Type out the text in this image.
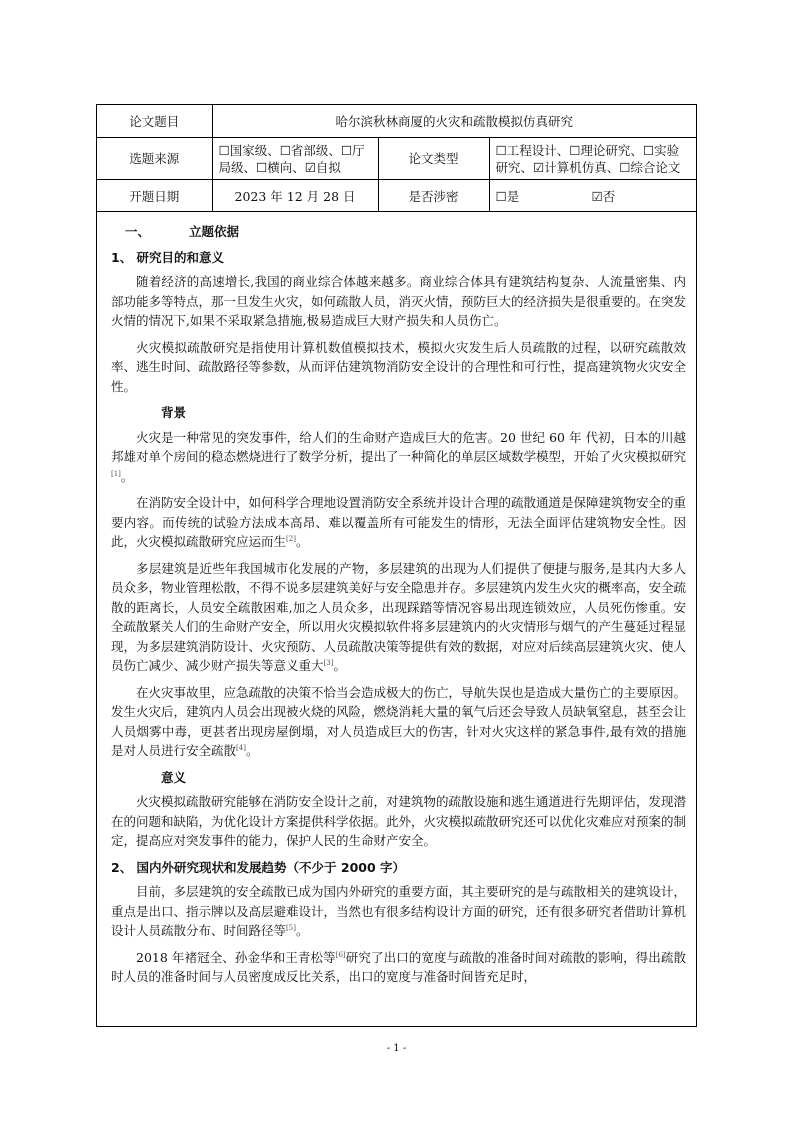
论文题目	哈尔滨秋林商厦的火灾和疏散模拟仿真研究		
选题来源	☐国家级、☐省部级、☐厅局级、☐横向、☑自拟	论文类型	☐工程设计、☐理论研究、☐实验研究、☑计算机仿真、☐综合论文
开题日期	2023 年 12 月 28 日	是否涉密	☐是 ☑否
一、	立题依据
1、 研究目的和意义

随着经济的高速增长,我国的商业综合体越来越多。商业综合体具有建筑结构复杂、人流量密集、内部功能多等特点，那一旦发生火灾，如何疏散人员，消灭火情，预防巨大的经济损失是很重要的。在突发火情的情况下,如果不采取紧急措施,极易造成巨大财产损失和人员伤亡。

火灾模拟疏散研究是指使用计算机数值模拟技术，模拟火灾发生后人员疏散的过程，以研究疏散效率、逃生时间、疏散路径等参数，从而评估建筑物消防安全设计的合理性和可行性，提高建筑物火灾安全性。

背景

火灾是一种常见的突发事件，给人们的生命财产造成巨大的危害。20 世纪 60 年 代初，日本的川越邦雄对单个房间的稳态燃烧进行了数学分析，提出了一种简化的单层区域数学模型，开始了火灾模拟研究[1]。

在消防安全设计中，如何科学合理地设置消防安全系统并设计合理的疏散通道是保障建筑物安全的重要内容。而传统的试验方法成本高昂、难以覆盖所有可能发生的情形，无法全面评估建筑物安全性。因此，火灾模拟疏散研究应运而生[2]。

多层建筑是近些年我国城市化发展的产物，多层建筑的出现为人们提供了便捷与服务,是其内大多人员众多，物业管理松散，不得不说多层建筑美好与安全隐患并存。多层建筑内发生火灾的概率高，安全疏散的距离长，人员安全疏散困难,加之人员众多，出现踩踏等情况容易出现连锁效应，人员死伤惨重。安全疏散紧关人们的生命财产安全，所以用火灾模拟软件将多层建筑内的火灾情形与烟气的产生蔓延过程显现，为多层建筑消防设计、火灾预防、人员疏散决策等提供有效的数据，对应对后续高层建筑火灾、使人员伤亡减少、减少财产损失等意义重大[3]。

在火灾事故里，应急疏散的决策不恰当会造成极大的伤亡，导航失误也是造成大量伤亡的主要原因。发生火灾后，建筑内人员会出现被火烧的风险，燃烧消耗大量的氧气后还会导致人员缺氧窒息，甚至会让人员烟雾中毒，更甚者出现房屋倒塌，对人员造成巨大的伤害，针对火灾这样的紧急事件,最有效的措施是对人员进行安全疏散[4]。

意义

火灾模拟疏散研究能够在消防安全设计之前，对建筑物的疏散设施和逃生通道进行先期评估，发现潜在的问题和缺陷，为优化设计方案提供科学依据。此外，火灾模拟疏散研究还可以优化灾难应对预案的制定，提高应对突发事件的能力，保护人民的生命财产安全。

2、 国内外研究现状和发展趋势（不少于 2000 字）

目前，多层建筑的安全疏散已成为国内外研究的重要方面，其主要研究的是与疏散相关的建筑设计，重点是出口、指示牌以及高层避难设计，当然也有很多结构设计方面的研究，还有很多研究者借助计算机设计人员疏散分布、时间路径等[5]。

2018 年褚冠全、孙金华和王青松等[6]研究了出口的宽度与疏散的准备时间对疏散的影响，得出疏散时人员的准备时间与人员密度成反比关系，出口的宽度与准备时间皆充足时，

- 1 -
